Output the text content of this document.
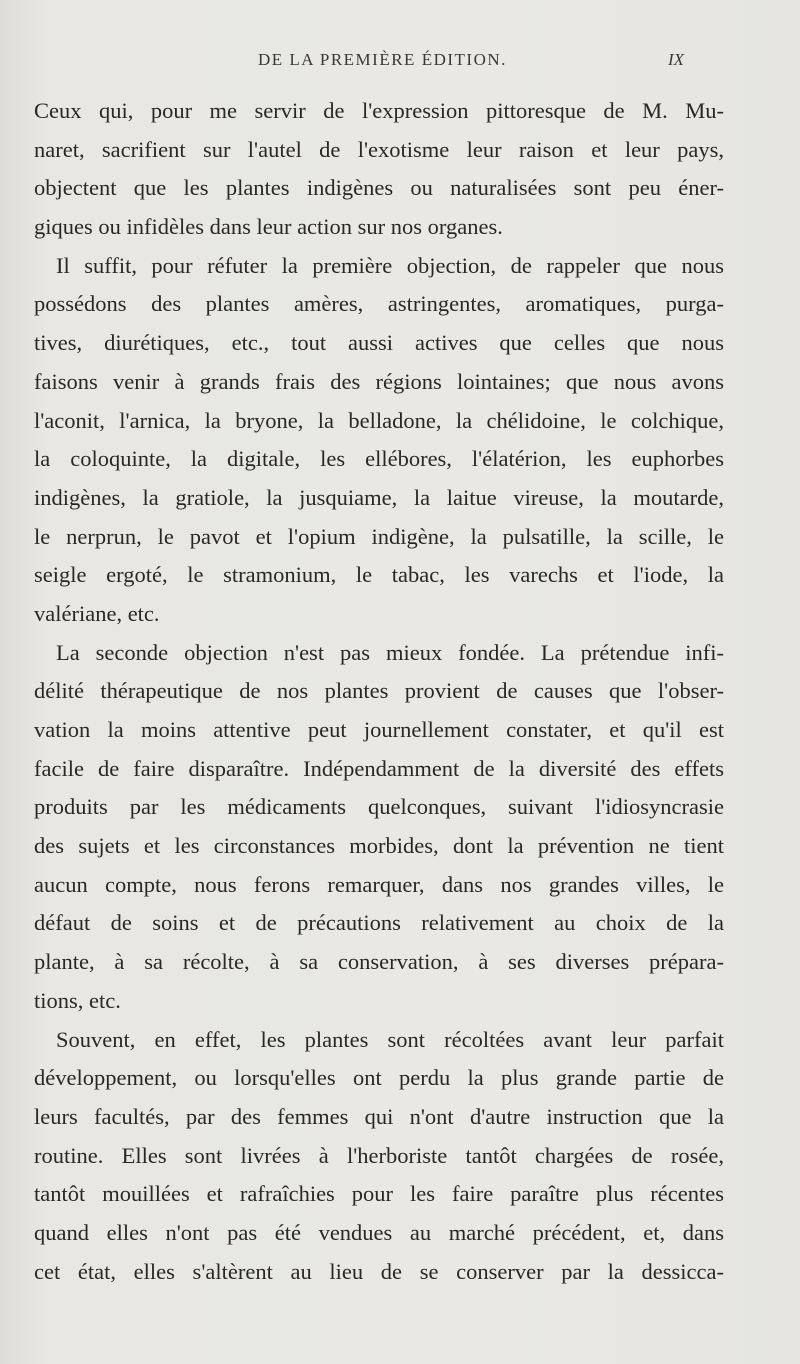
DE LA PREMIÈRE ÉDITION.	IX
Ceux qui, pour me servir de l'expression pittoresque de M. Mu-
naret, sacrifient sur l'autel de l'exotisme leur raison et leur pays,
objectent que les plantes indigènes ou naturalisées sont peu éner-
giques ou infidèles dans leur action sur nos organes.
Il suffit, pour réfuter la première objection, de rappeler que nous
possédons des plantes amères, astringentes, aromatiques, purga-
tives, diurétiques, etc., tout aussi actives que celles que nous
faisons venir à grands frais des régions lointaines; que nous avons
l'aconit, l'arnica, la bryone, la belladone, la chélidoine, le colchique,
la coloquinte, la digitale, les ellébores, l'élatérion, les euphorbes
indigènes, la gratiole, la jusquiame, la laitue vireuse, la moutarde,
le nerprun, le pavot et l'opium indigène, la pulsatille, la scille, le
seigle ergoté, le stramonium, le tabac, les varechs et l'iode, la
valériane, etc.
La seconde objection n'est pas mieux fondée. La prétendue infi-
délité thérapeutique de nos plantes provient de causes que l'obser-
vation la moins attentive peut journellement constater, et qu'il est
facile de faire disparaître. Indépendamment de la diversité des effets
produits par les médicaments quelconques, suivant l'idiosyncrasie
des sujets et les circonstances morbides, dont la prévention ne tient
aucun compte, nous ferons remarquer, dans nos grandes villes, le
défaut de soins et de précautions relativement au choix de la
plante, à sa récolte, à sa conservation, à ses diverses prépara-
tions, etc.
Souvent, en effet, les plantes sont récoltées avant leur parfait
développement, ou lorsqu'elles ont perdu la plus grande partie de
leurs facultés, par des femmes qui n'ont d'autre instruction que la
routine. Elles sont livrées à l'herboriste tantôt chargées de rosée,
tantôt mouillées et rafraîchies pour les faire paraître plus récentes
quand elles n'ont pas été vendues au marché précédent, et, dans
cet état, elles s'altèrent au lieu de se conserver par la dessicca-
